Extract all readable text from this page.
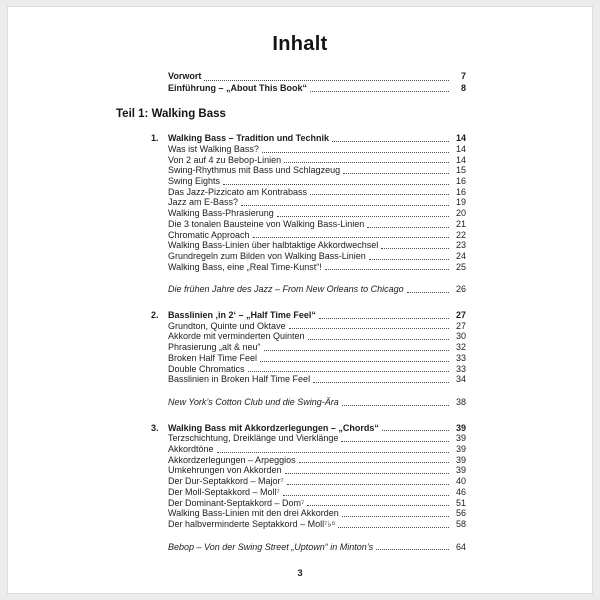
Inhalt
Vorwort	7
Einführung – „About This Book“	8
Teil 1: Walking Bass
1.	Walking Bass – Tradition und Technik	14
Was ist Walking Bass?	14
Von 2 auf 4 zu Bebop-Linien	14
Swing-Rhythmus mit Bass und Schlagzeug	15
Swing Eights	16
Das Jazz-Pizzicato am Kontrabass	16
Jazz am E-Bass?	19
Walking Bass-Phrasierung	20
Die 3 tonalen Bausteine von Walking Bass-Linien	21
Chromatic Approach	22
Walking Bass-Linien über halbtaktige Akkordwechsel	23
Grundregeln zum Bilden von Walking Bass-Linien	24
Walking Bass, eine „Real Time-Kunst“!	25
Die frühen Jahre des Jazz – From New Orleans to Chicago	26
2.	Basslinien ‚in 2‘ – „Half Time Feel“	27
Grundton, Quinte und Oktave	27
Akkorde mit verminderten Quinten	30
Phrasierung „alt & neu“	32
Broken Half Time Feel	33
Double Chromatics	33
Basslinien in Broken Half Time Feel	34
New York’s Cotton Club und die Swing-Ära	38
3.	Walking Bass mit Akkordzerlegungen – „Chords“	39
Terzschichtung, Dreiklänge und Vierklänge	39
Akkordtöne	39
Akkordzerlegungen – Arpeggios	39
Umkehrungen von Akkorden	39
Der Dur-Septakkord – Major⁷	40
Der Moll-Septakkord – Moll⁷	46
Der Dominant-Septakkord – Dom⁷	51
Walking Bass-Linien mit den drei Akkorden	56
Der halbverminderte Septakkord – Moll⁷♭⁵	58
Bebop – Von der Swing Street „Uptown“ in Minton’s	64
3
